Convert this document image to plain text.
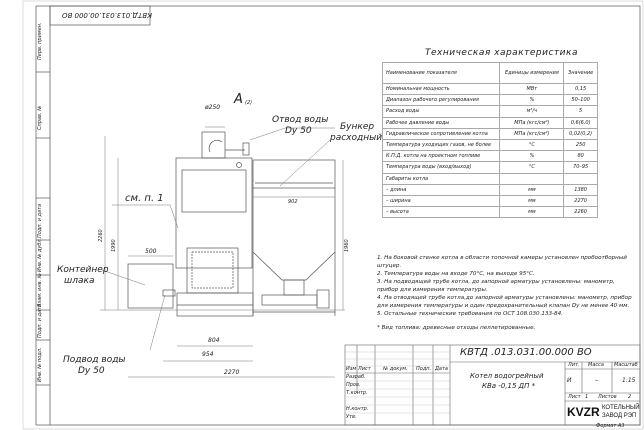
КВТД.013.031.00.000 ВО
Перв. примен.
Справ. №
Подп. и дата
Инв. № дубл.
Взам. инв. №
Подп. и дата
Инв. № подл.
А (2)
ø250
Отвод воды
Dy 50	Бункер
расходный
см. п. 1
Контейнер
шлака
Подвод воды
Dy 50
2260
1990	1960
500
902
804
954
2270
Техническая характеристика
Наименование показателя	Единицы измерения	Значение
Номинальная мощность	МВт	0,15
Диапазон рабочего регулирования	%	50–100
Расход воды	м³/ч	5
Рабочее давление воды	МПа (кгс/см²)	0,6(6,0)
Гидравлическое сопротивление котла	МПа (кгс/см²)	0,02(0,2)
Температура уходящих газов, не более	°С	250
К.П.Д. котла на проектном топливе	%	80
Температура воды (вход/выход)	°С	70–95
Габариты котла		
– длина	мм	1380
– ширина	мм	2270
– высота	мм	2260
1. На боковой стенке котла в области топочной камеры установлен пробоотборный штуцер.
2. Температура воды на входе 70°С, на выходе 95°С.
3. На подводящей трубе котла, до запорной арматуры установлены: манометр, прибор для измерения температуры.
4. На отводящей трубе котла,до запорной арматуры установлены: манометр, прибор для измерения температуры и один предохранительный клапан Dу не менее 40 мм.
5. Остальные технические требования по ОСТ 108.030.133-84.
* Вид топлива: древесные отходы пеллетированные.
КВТД .013.031.00.000 ВО
Котел водогрейный
КВа -0,15 ДП *
Изм Лист № докум. Подп. Дата
Разраб.
Пров.
Т.контр.
Н.контр.
Утв.
Лит. Масса Масштаб
И	–	1:15
Лист 1 Листов 2
KVZR КОТЕЛЬНЫЙ
ЗАВОД РЭП
Формат А3
